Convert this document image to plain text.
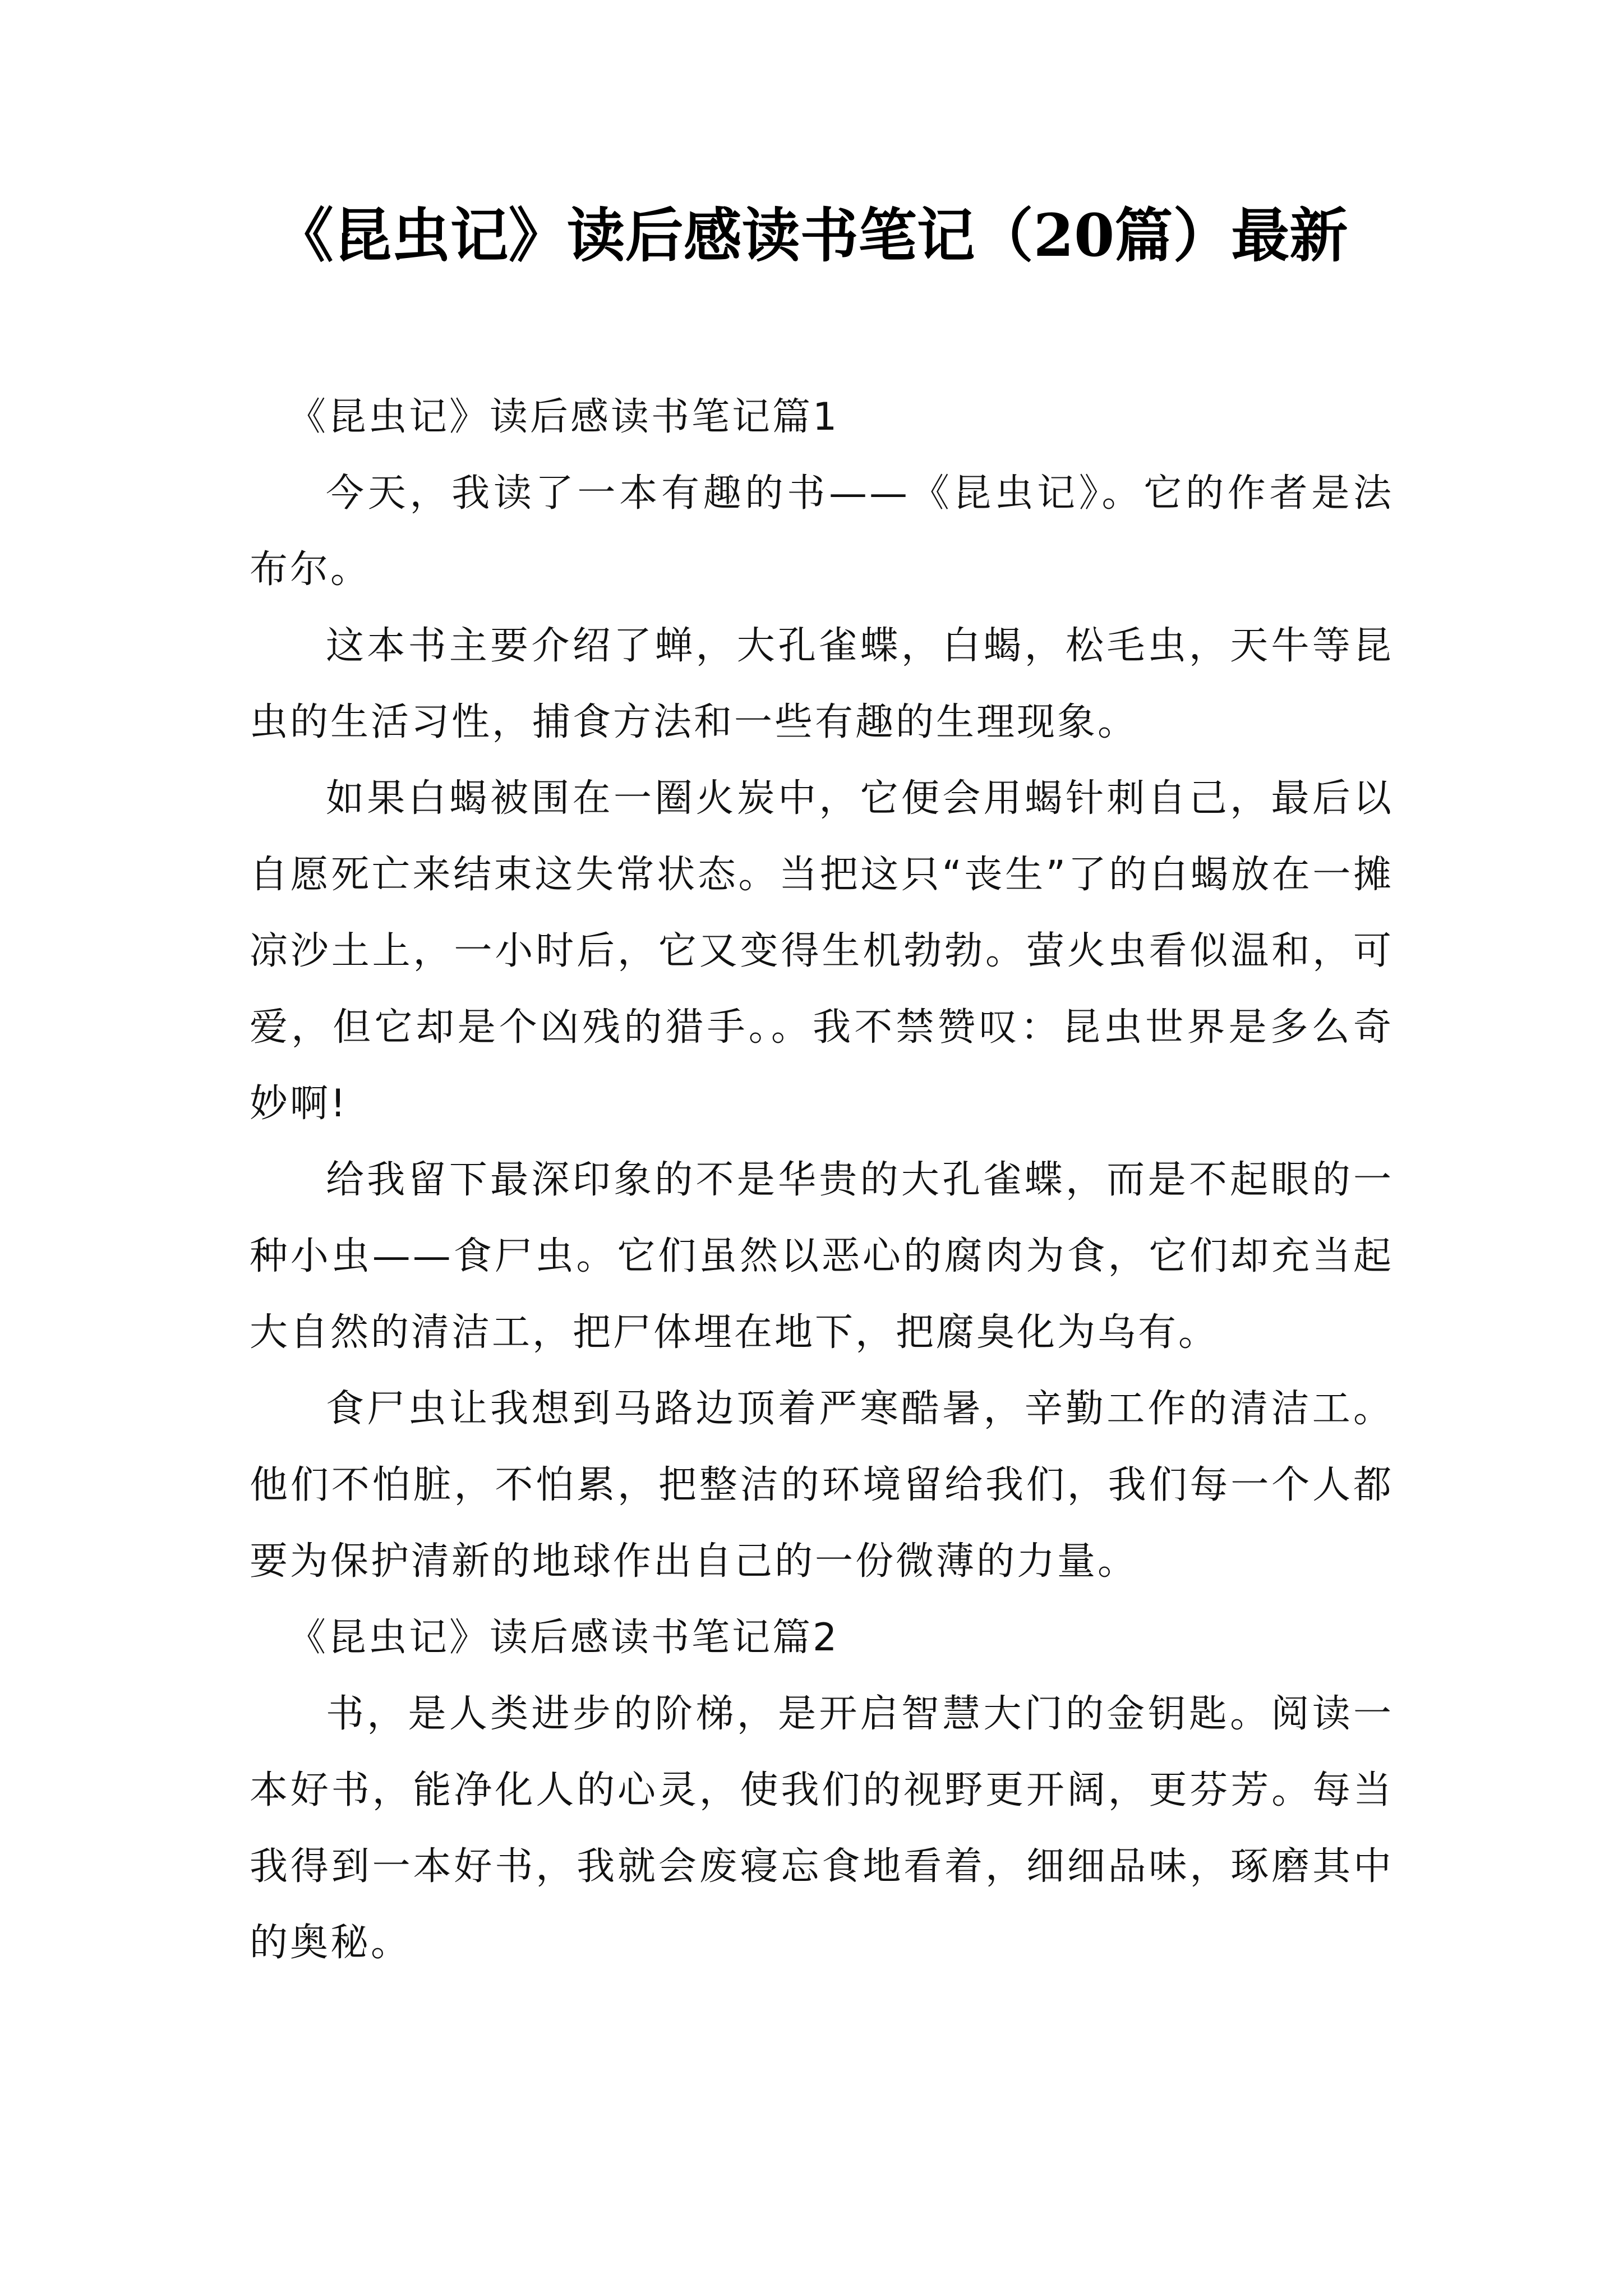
《昆虫记》读后感读书笔记（20篇）最新

《昆虫记》读后感读书笔记篇1

今天，我读了一本有趣的书——《昆虫记》。它的作者是法布尔。

这本书主要介绍了蝉，大孔雀蝶，白蝎，松毛虫，天牛等昆虫的生活习性，捕食方法和一些有趣的生理现象。

如果白蝎被围在一圈火炭中，它便会用蝎针刺自己，最后以自愿死亡来结束这失常状态。当把这只“丧生”了的白蝎放在一摊凉沙土上，一小时后，它又变得生机勃勃。萤火虫看似温和，可爱，但它却是个凶残的猎手。。我不禁赞叹：昆虫世界是多么奇妙啊!

给我留下最深印象的不是华贵的大孔雀蝶，而是不起眼的一种小虫——食尸虫。它们虽然以恶心的腐肉为食，它们却充当起大自然的清洁工，把尸体埋在地下，把腐臭化为乌有。

食尸虫让我想到马路边顶着严寒酷暑，辛勤工作的清洁工。他们不怕脏，不怕累，把整洁的环境留给我们，我们每一个人都要为保护清新的地球作出自己的一份微薄的力量。

《昆虫记》读后感读书笔记篇2

书，是人类进步的阶梯，是开启智慧大门的金钥匙。阅读一本好书，能净化人的心灵，使我们的视野更开阔，更芬芳。每当我得到一本好书，我就会废寝忘食地看着，细细品味，琢磨其中的奥秘。
